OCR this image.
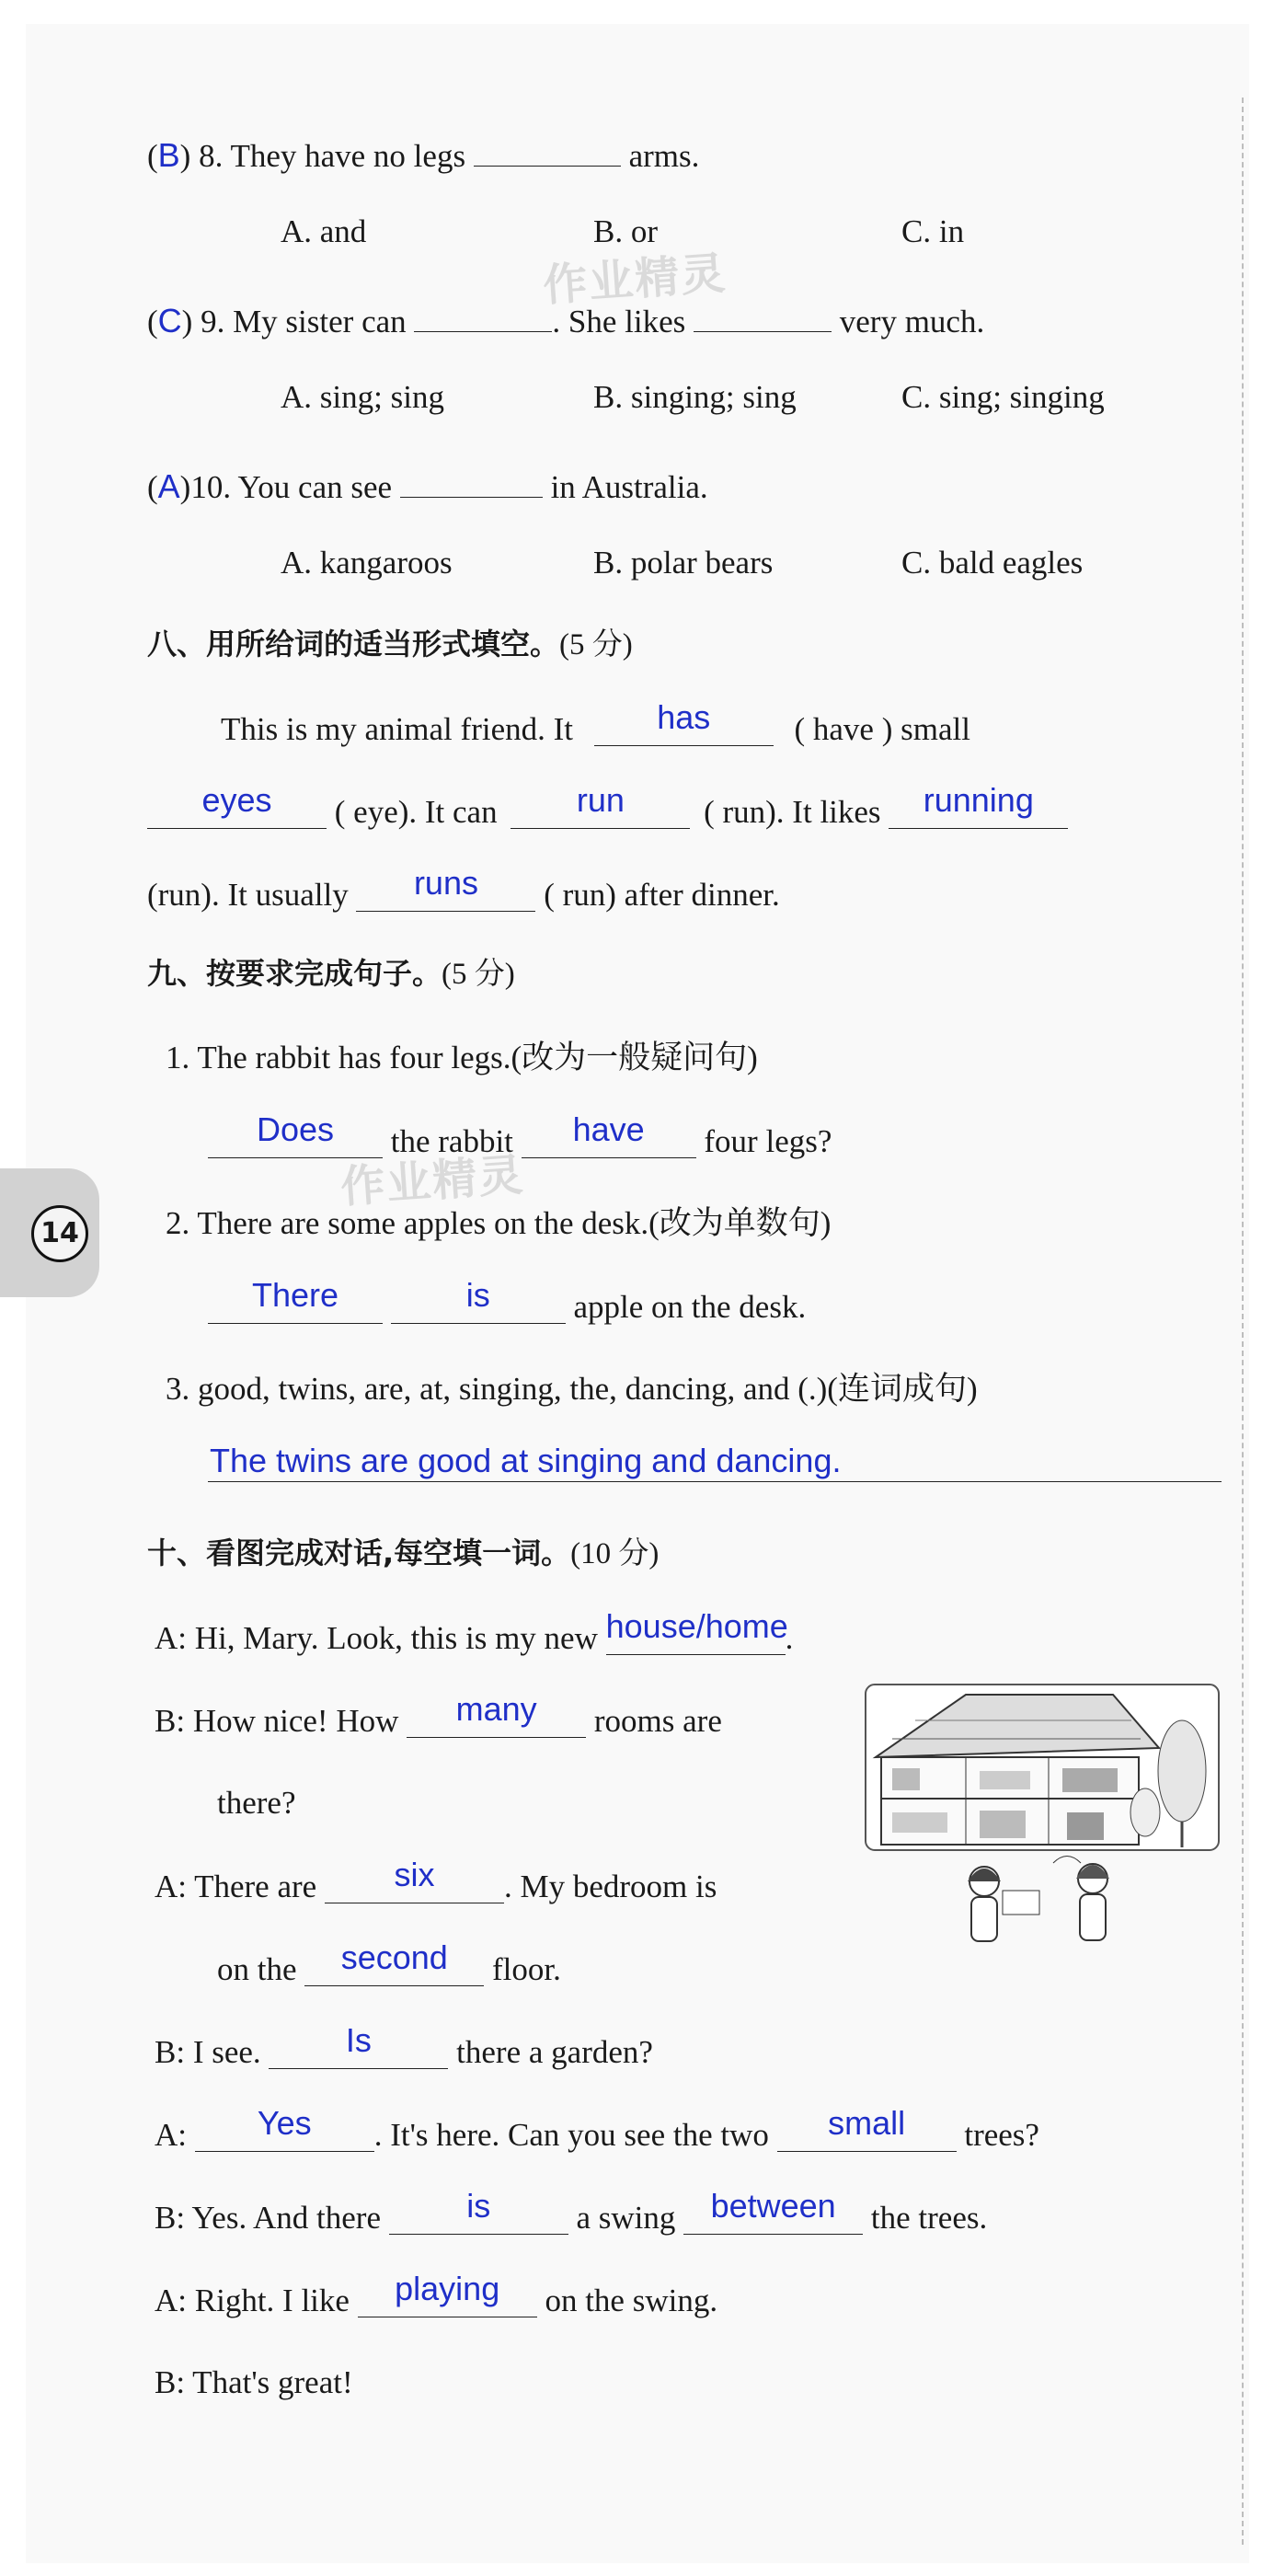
作业精灵
作业精灵
(B) 8. They have no legs	arms.
A. and	B. or	C. in
(C) 9. My sister can	. She likes	very much.
A. sing; sing	B. singing; sing	C. sing; singing
(A)10. You can see	in Australia.
A. kangaroos	B. polar bears	C. bald eagles
八、用所给词的适当形式填空。(5 分)
This is my animal friend. It	has	( have ) small
eyes ( eye). It can run ( run). It likes running
(run). It usually runs ( run) after dinner.
九、按要求完成句子。(5 分)
1. The rabbit has four legs.(改为一般疑问句)
Does the rabbit have four legs?
2. There are some apples on the desk.(改为单数句)
There	is	apple on the desk.
3. good, twins, are, at, singing, the, dancing, and (.)(连词成句)
The twins are good at singing and dancing.
十、看图完成对话,每空填一词。(10 分)
A: Hi, Mary. Look, this is my new house/home.
B: How nice! How many rooms are
there?
A: There are six . My bedroom is
on the second floor.
B: I see.	Is	there a garden?
A: Yes . It's here. Can you see the two small trees?
B: Yes. And there	is	a swing between the trees.
A: Right. I like playing on the swing.
B: That's great!
14
